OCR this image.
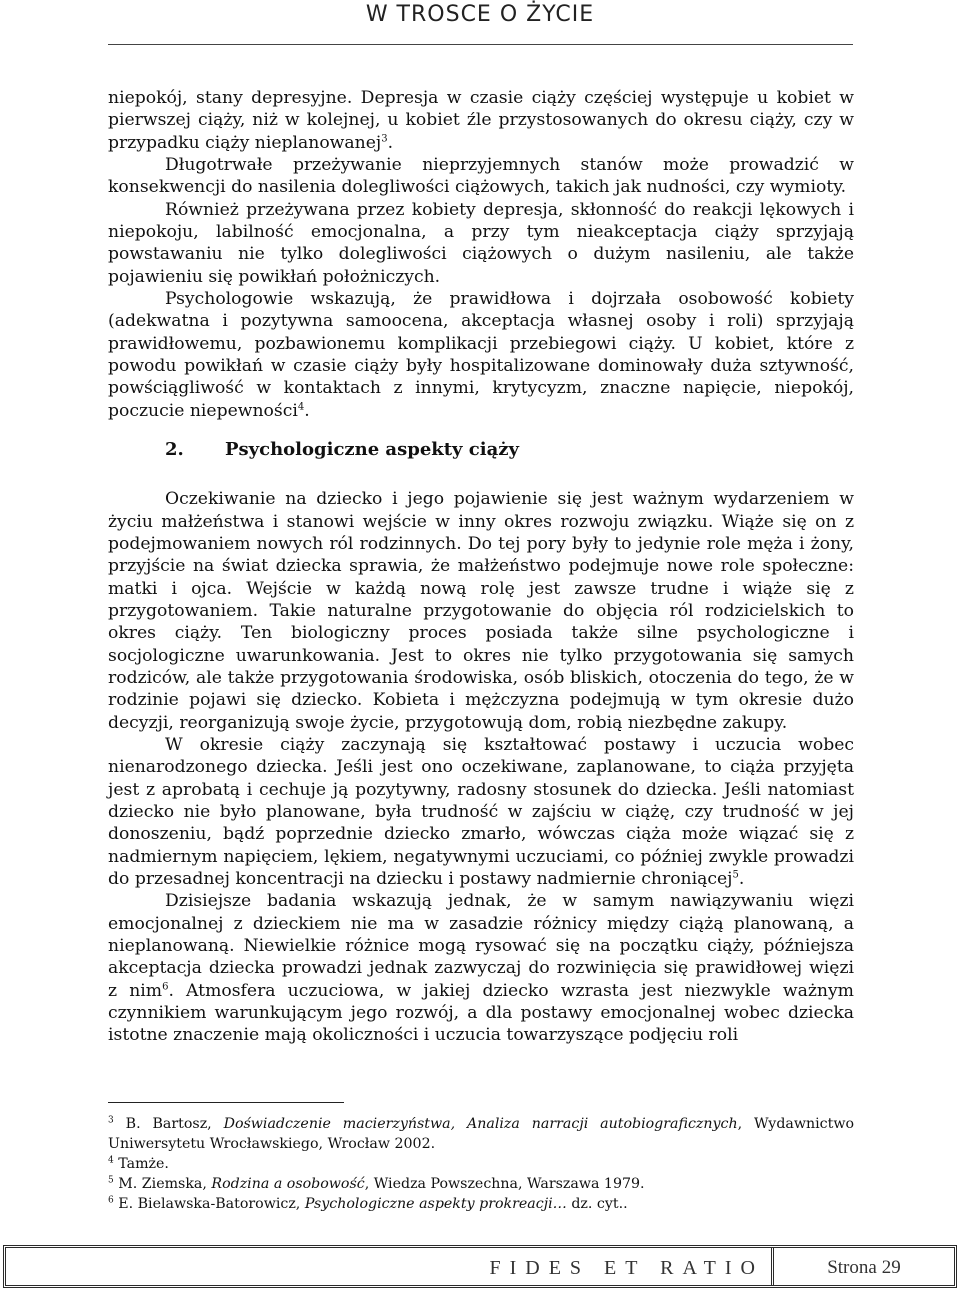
W TROSCE O ŻYCIE

niepokój, stany depresyjne. Depresja w czasie ciąży częściej występuje u kobiet w pierwszej ciąży, niż w kolejnej, u kobiet źle przystosowanych do okresu ciąży, czy w przypadku ciąży nieplanowanej$^3$.

Długotrwałe przeżywanie nieprzyjemnych stanów może prowadzić w konsekwencji do nasilenia dolegliwości ciążowych, takich jak nudności, czy wymioty.

Również przeżywana przez kobiety depresja, skłonność do reakcji lękowych i niepokoju, labilność emocjonalna, a przy tym nieakceptacja ciąży sprzyjają powstawaniu nie tylko dolegliwości ciążowych o dużym nasileniu, ale także pojawieniu się powikłań położniczych.

Psychologowie wskazują, że prawidłowa i dojrzała osobowość kobiety (adekwatna i pozytywna samoocena, akceptacja własnej osoby i roli) sprzyjają prawidłowemu, pozbawionemu komplikacji przebiegowi ciąży. U kobiet, które z powodu powikłań w czasie ciąży były hospitalizowane dominowały duża sztywność, powściągliwość w kontaktach z innymi, krytycyzm, znaczne napięcie, niepokój, poczucie niepewności$^4$.

2. Psychologiczne aspekty ciąży

Oczekiwanie na dziecko i jego pojawienie się jest ważnym wydarzeniem w życiu małżeństwa i stanowi wejście w inny okres rozwoju związku. Wiąże się on z podejmowaniem nowych ról rodzinnych. Do tej pory były to jedynie role męża i żony, przyjście na świat dziecka sprawia, że małżeństwo podejmuje nowe role społeczne: matki i ojca. Wejście w każdą nową rolę jest zawsze trudne i wiąże się z przygotowaniem. Takie naturalne przygotowanie do objęcia ról rodzicielskich to okres ciąży. Ten biologiczny proces posiada także silne psychologiczne i socjologiczne uwarunkowania. Jest to okres nie tylko przygotowania się samych rodziców, ale także przygotowania środowiska, osób bliskich, otoczenia do tego, że w rodzinie pojawi się dziecko. Kobieta i mężczyzna podejmują w tym okresie dużo decyzji, reorganizują swoje życie, przygotowują dom, robią niezbędne zakupy.

W okresie ciąży zaczynają się kształtować postawy i uczucia wobec nienarodzonego dziecka. Jeśli jest ono oczekiwane, zaplanowane, to ciąża przyjęta jest z aprobatą i cechuje ją pozytywny, radosny stosunek do dziecka. Jeśli natomiast dziecko nie było planowane, była trudność w zajściu w ciążę, czy trudność w jej donoszeniu, bądź poprzednie dziecko zmarło, wówczas ciąża może wiązać się z nadmiernym napięciem, lękiem, negatywnymi uczuciami, co później zwykle prowadzi do przesadnej koncentracji na dziecku i postawy nadmiernie chroniącej$^5$.

Dzisiejsze badania wskazują jednak, że w samym nawiązywaniu więzi emocjonalnej z dzieckiem nie ma w zasadzie różnicy między ciążą planowaną, a nieplanowaną. Niewielkie różnice mogą rysować się na początku ciąży, późniejsza akceptacja dziecka prowadzi jednak zazwyczaj do rozwinięcia się prawidłowej więzi z nim$^6$. Atmosfera uczuciowa, w jakiej dziecko wzrasta jest niezwykle ważnym czynnikiem warunkującym jego rozwój, a dla postawy emocjonalnej wobec dziecka istotne znaczenie mają okoliczności i uczucia towarzyszące podjęciu roli

$^3$ B. Bartosz, Doświadczenie macierzyństwa, Analiza narracji autobiograficznych, Wydawnictwo Uniwersytetu Wrocławskiego, Wrocław 2002.

$^4$ Tamże.

$^5$ M. Ziemska, Rodzina a osobowość, Wiedza Powszechna, Warszawa 1979.

$^6$ E. Bielawska-Batorowicz, Psychologiczne aspekty prokreacji… dz. cyt..

FIDES ET RATIO	Strona 29
